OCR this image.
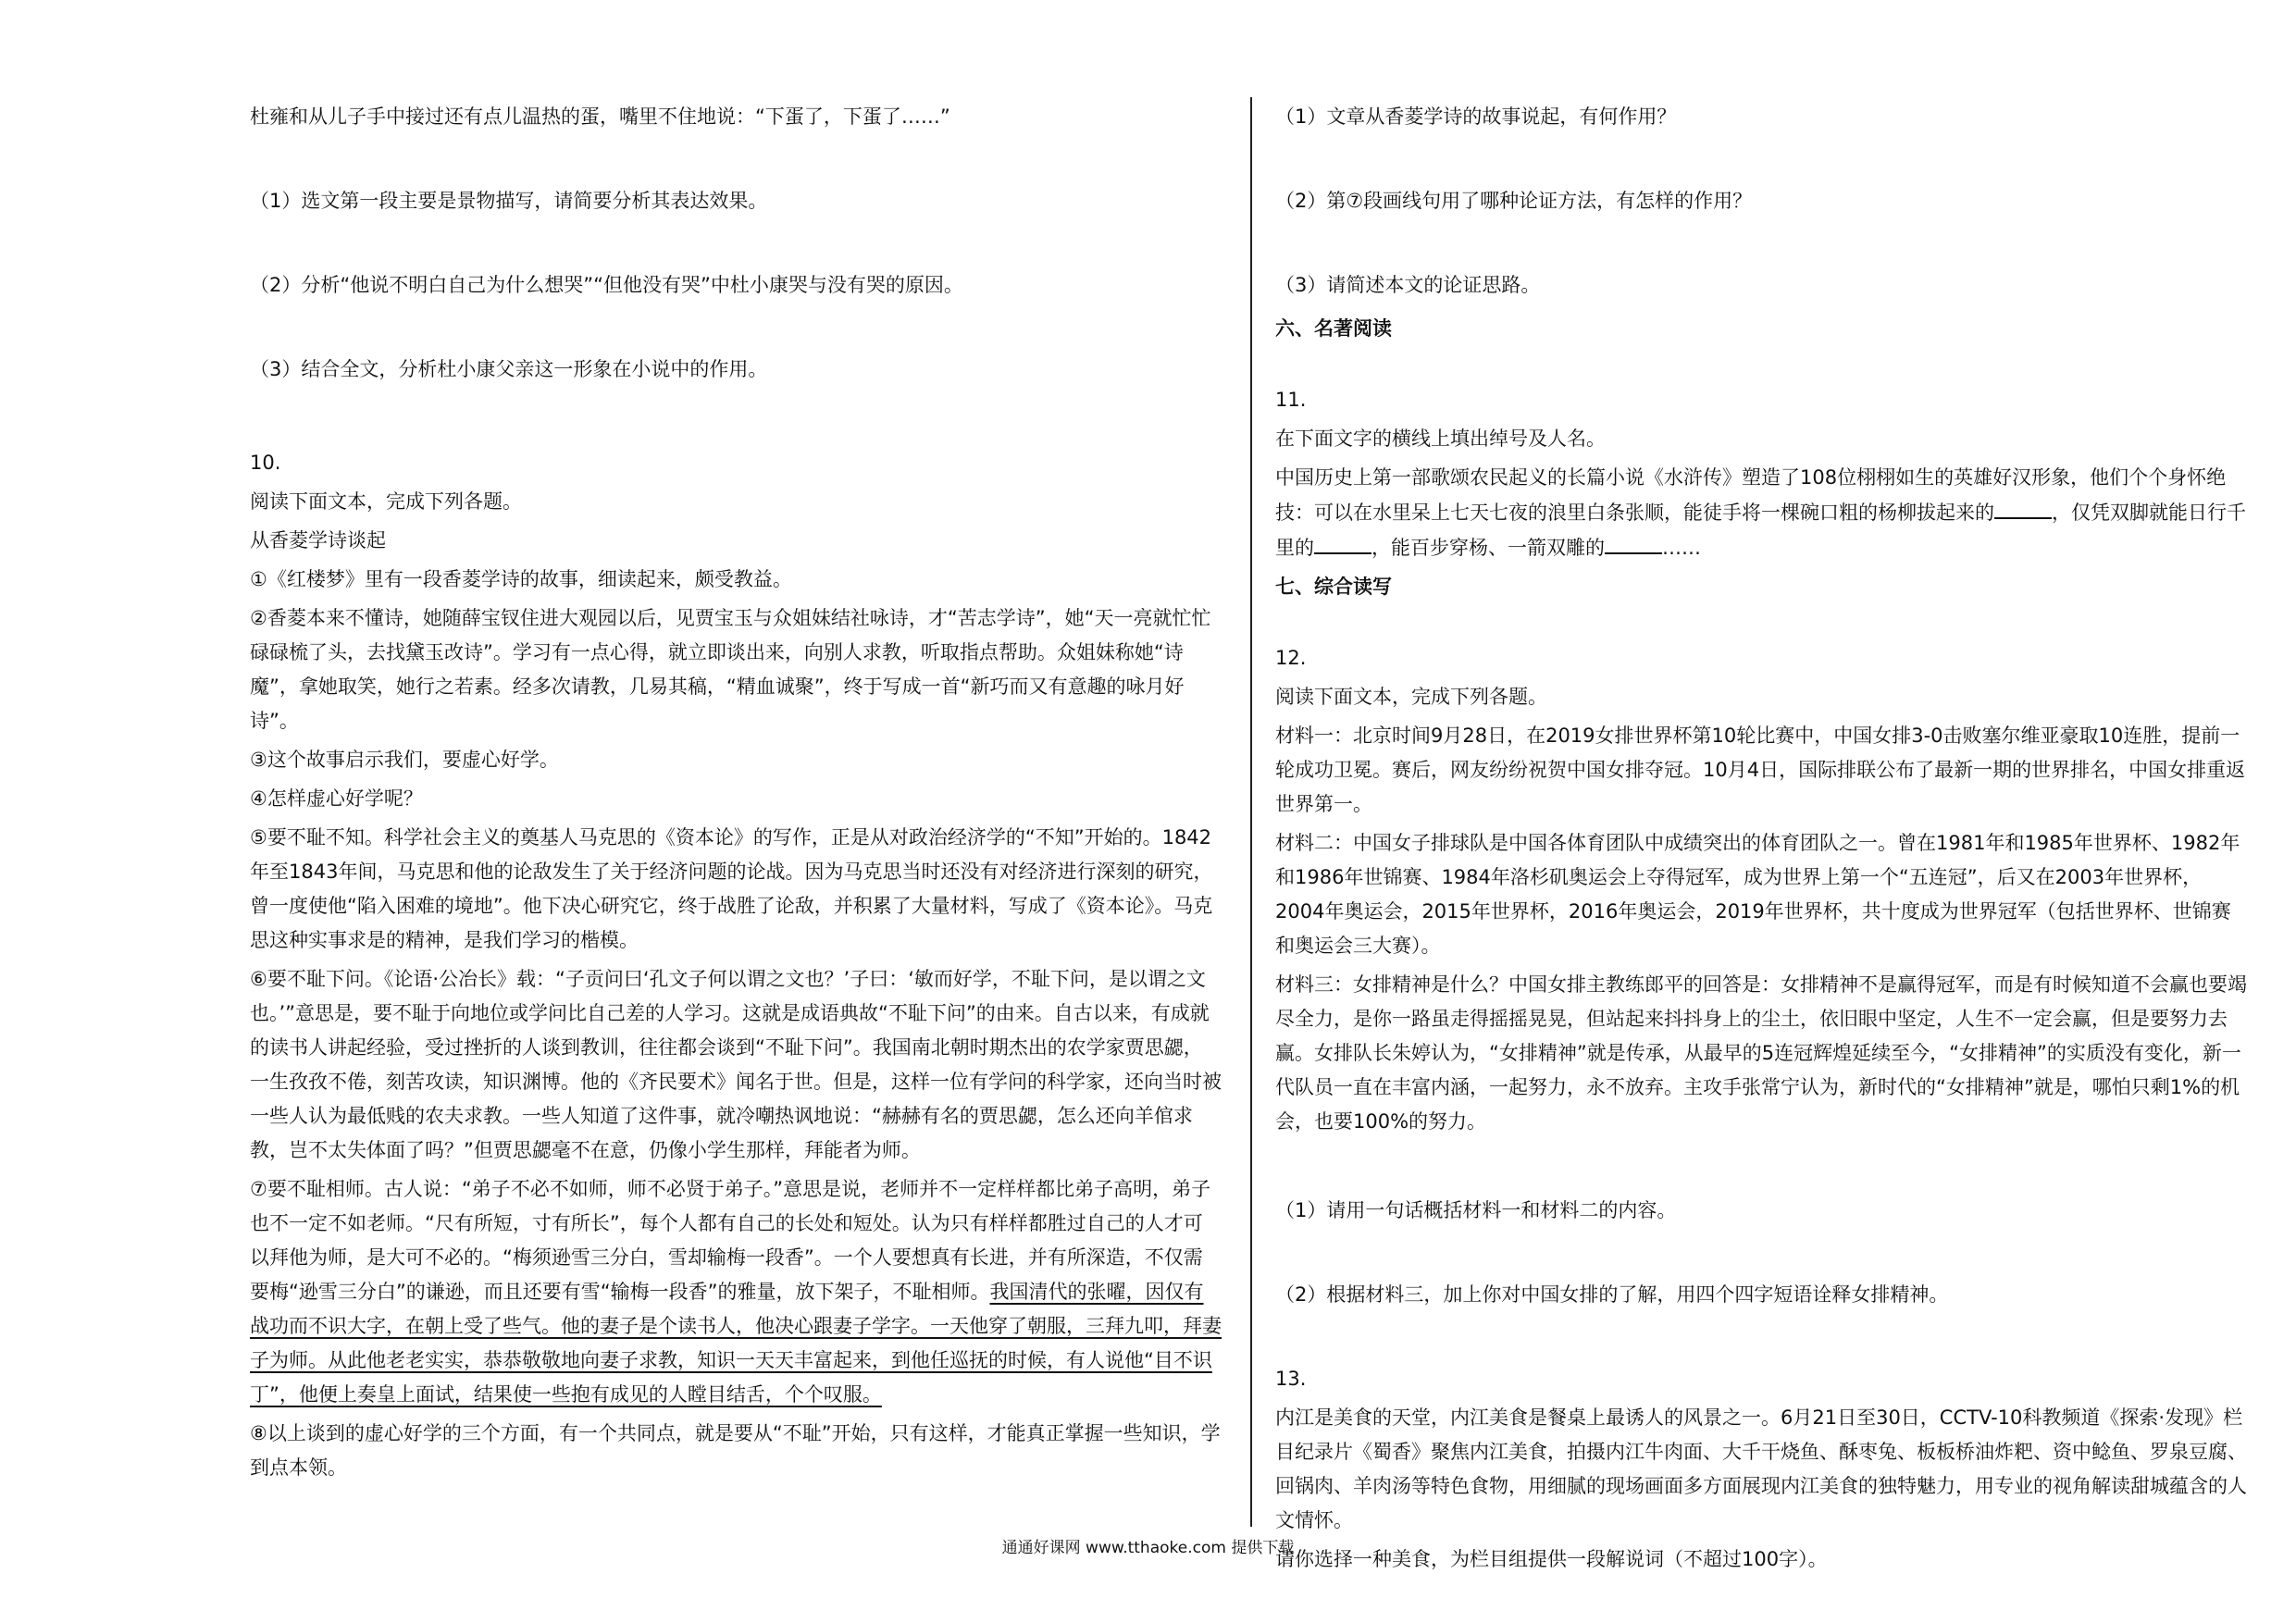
杜雍和从儿子手中接过还有点儿温热的蛋，嘴里不住地说：“下蛋了，下蛋了……”

（1）选文第一段主要是景物描写，请简要分析其表达效果。

（2）分析“他说不明白自己为什么想哭”“但他没有哭”中杜小康哭与没有哭的原因。

（3）结合全文，分析杜小康父亲这一形象在小说中的作用。

10.

阅读下面文本，完成下列各题。

从香菱学诗谈起

①《红楼梦》里有一段香菱学诗的故事，细读起来，颇受教益。

②香菱本来不懂诗，她随薛宝钗住进大观园以后，见贾宝玉与众姐妹结社咏诗，才“苦志学诗”，她“天一亮就忙忙碌碌梳了头，去找黛玉改诗”。学习有一点心得，就立即谈出来，向别人求教，听取指点帮助。众姐妹称她“诗魔”，拿她取笑，她行之若素。经多次请教，几易其稿，“精血诚聚”，终于写成一首“新巧而又有意趣的咏月好诗”。

③这个故事启示我们，要虚心好学。

④怎样虚心好学呢？

⑤要不耻不知。科学社会主义的奠基人马克思的《资本论》的写作，正是从对政治经济学的“不知”开始的。1842年至1843年间，马克思和他的论敌发生了关于经济问题的论战。因为马克思当时还没有对经济进行深刻的研究，曾一度使他“陷入困难的境地”。他下决心研究它，终于战胜了论敌，并积累了大量材料，写成了《资本论》。马克思这种实事求是的精神，是我们学习的楷模。

⑥要不耻下问。《论语·公冶长》载：“子贡问曰‘孔文子何以谓之文也？’子曰：‘敏而好学，不耻下问，是以谓之文也。’”意思是，要不耻于向地位或学问比自己差的人学习。这就是成语典故“不耻下问”的由来。自古以来，有成就的读书人讲起经验，受过挫折的人谈到教训，往往都会谈到“不耻下问”。我国南北朝时期杰出的农学家贾思勰，一生孜孜不倦，刻苦攻读，知识渊博。他的《齐民要术》闻名于世。但是，这样一位有学问的科学家，还向当时被一些人认为最低贱的农夫求教。一些人知道了这件事，就冷嘲热讽地说：“赫赫有名的贾思勰，怎么还向羊倌求教，岂不太失体面了吗？”但贾思勰毫不在意，仍像小学生那样，拜能者为师。

⑦要不耻相师。古人说：“弟子不必不如师，师不必贤于弟子。”意思是说，老师并不一定样样都比弟子高明，弟子也不一定不如老师。“尺有所短，寸有所长”，每个人都有自己的长处和短处。认为只有样样都胜过自己的人才可以拜他为师，是大可不必的。“梅须逊雪三分白，雪却输梅一段香”。一个人要想真有长进，并有所深造，不仅需要梅“逊雪三分白”的谦逊，而且还要有雪“输梅一段香”的雅量，放下架子，不耻相师。我国清代的张曜，因仅有战功而不识大字，在朝上受了些气。他的妻子是个读书人，他决心跟妻子学字。一天他穿了朝服，三拜九叩，拜妻子为师。从此他老老实实，恭恭敬敬地向妻子求教，知识一天天丰富起来，到他任巡抚的时候，有人说他“目不识丁”，他便上奏皇上面试，结果使一些抱有成见的人瞠目结舌，个个叹服。

⑧以上谈到的虚心好学的三个方面，有一个共同点，就是要从“不耻”开始，只有这样，才能真正掌握一些知识，学到点本领。

（1）文章从香菱学诗的故事说起，有何作用？

（2）第⑦段画线句用了哪种论证方法，有怎样的作用？

（3）请简述本文的论证思路。

六、名著阅读

11.

在下面文字的横线上填出绰号及人名。

中国历史上第一部歌颂农民起义的长篇小说《水浒传》塑造了108位栩栩如生的英雄好汉形象，他们个个身怀绝技：可以在水里呆上七天七夜的浪里白条张顺，能徒手将一棵碗口粗的杨柳拔起来的	，仅凭双脚就能日行千里的	，能百步穿杨、一箭双雕的	……

七、综合读写

12.

阅读下面文本，完成下列各题。

材料一：北京时间9月28日，在2019女排世界杯第10轮比赛中，中国女排3-0击败塞尔维亚豪取10连胜，提前一轮成功卫冕。赛后，网友纷纷祝贺中国女排夺冠。10月4日，国际排联公布了最新一期的世界排名，中国女排重返世界第一。

材料二：中国女子排球队是中国各体育团队中成绩突出的体育团队之一。曾在1981年和1985年世界杯、1982年和1986年世锦赛、1984年洛杉矶奥运会上夺得冠军，成为世界上第一个“五连冠”，后又在2003年世界杯，2004年奥运会，2015年世界杯，2016年奥运会，2019年世界杯，共十度成为世界冠军（包括世界杯、世锦赛和奥运会三大赛）。

材料三：女排精神是什么？中国女排主教练郎平的回答是：女排精神不是赢得冠军，而是有时候知道不会赢也要竭尽全力，是你一路虽走得摇摇晃晃，但站起来抖抖身上的尘土，依旧眼中坚定，人生不一定会赢，但是要努力去赢。女排队长朱婷认为，“女排精神”就是传承，从最早的5连冠辉煌延续至今，“女排精神”的实质没有变化，新一代队员一直在丰富内涵，一起努力，永不放弃。主攻手张常宁认为，新时代的“女排精神”就是，哪怕只剩1%的机会，也要100%的努力。

（1）请用一句话概括材料一和材料二的内容。

（2）根据材料三，加上你对中国女排的了解，用四个四字短语诠释女排精神。

13.

内江是美食的天堂，内江美食是餐桌上最诱人的风景之一。6月21日至30日，CCTV-10科教频道《探索·发现》栏目纪录片《蜀香》聚焦内江美食，拍摄内江牛肉面、大千干烧鱼、酥枣兔、板板桥油炸粑、资中鲶鱼、罗泉豆腐、回锅肉、羊肉汤等特色食物，用细腻的现场画面多方面展现内江美食的独特魅力，用专业的视角解读甜城蕴含的人文情怀。

请你选择一种美食，为栏目组提供一段解说词（不超过100字）。

通通好课网 www.tthaoke.com 提供下载
